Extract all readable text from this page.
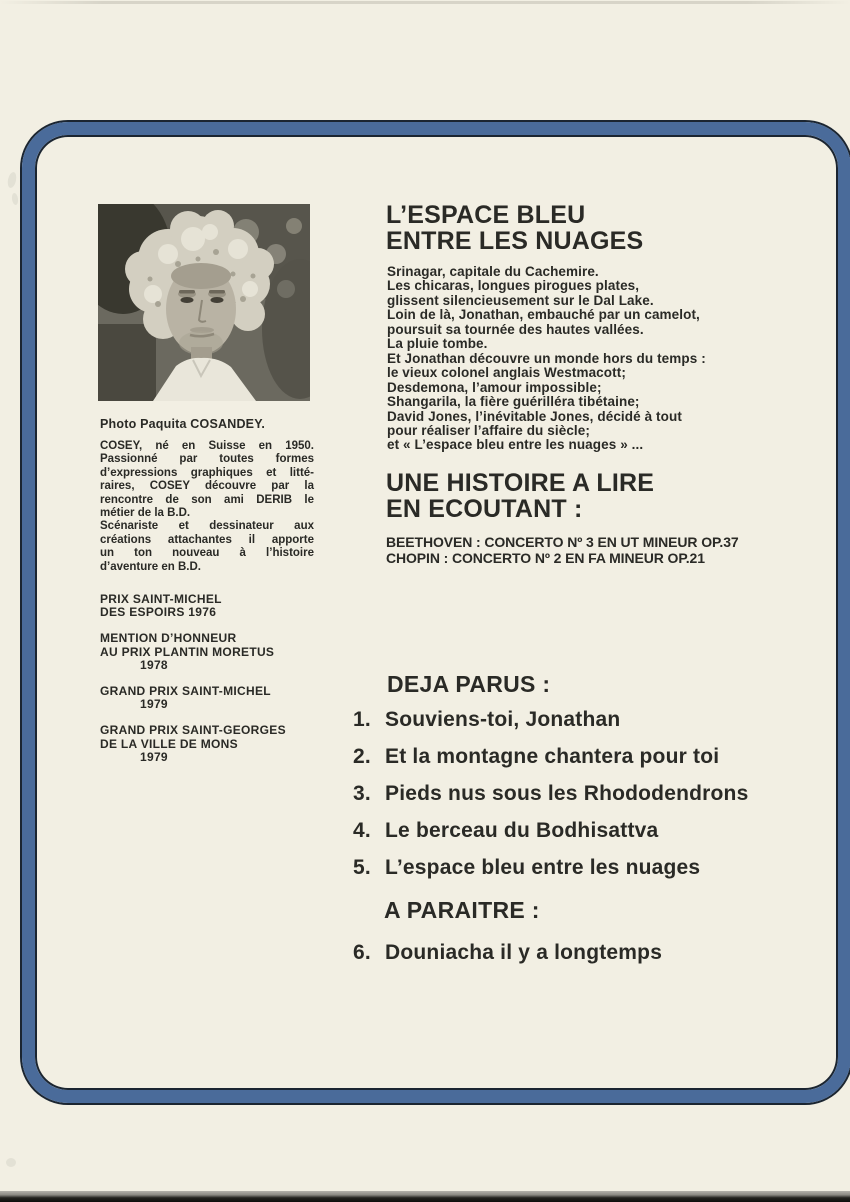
Photo Paquita COSANDEY.
COSEY, né en Suisse en 1950.
Passionné par toutes formes
d’expressions graphiques et litté-
raires, COSEY découvre par la
rencontre de son ami DERIB le
métier de la B.D.
Scénariste et dessinateur aux
créations attachantes il apporte
un ton nouveau à l’histoire
d’aventure en B.D.
PRIX SAINT-MICHEL
DES ESPOIRS 1976
MENTION D’HONNEUR
AU PRIX PLANTIN MORETUS
1978
GRAND PRIX SAINT-MICHEL
1979
GRAND PRIX SAINT-GEORGES
DE LA VILLE DE MONS
1979
L’ESPACE BLEU
ENTRE LES NUAGES
Srinagar, capitale du Cachemire.
Les chicaras, longues pirogues plates,
glissent silencieusement sur le Dal Lake.
Loin de là, Jonathan, embauché par un camelot,
poursuit sa tournée des hautes vallées.
La pluie tombe.
Et Jonathan découvre un monde hors du temps :
le vieux colonel anglais Westmacott;
Desdemona, l’amour impossible;
Shangarila, la fière guérilléra tibétaine;
David Jones, l’inévitable Jones, décidé à tout
pour réaliser l’affaire du siècle;
et « L’espace bleu entre les nuages » ...
UNE HISTOIRE A LIRE
EN ECOUTANT :
BEETHOVEN : CONCERTO Nº 3 EN UT MINEUR OP.37
CHOPIN : CONCERTO Nº 2 EN FA MINEUR OP.21
DEJA PARUS :
1. Souviens-toi, Jonathan
2. Et la montagne chantera pour toi
3. Pieds nus sous les Rhododendrons
4. Le berceau du Bodhisattva
5. L’espace bleu entre les nuages
A PARAITRE :
6. Douniacha il y a longtemps
